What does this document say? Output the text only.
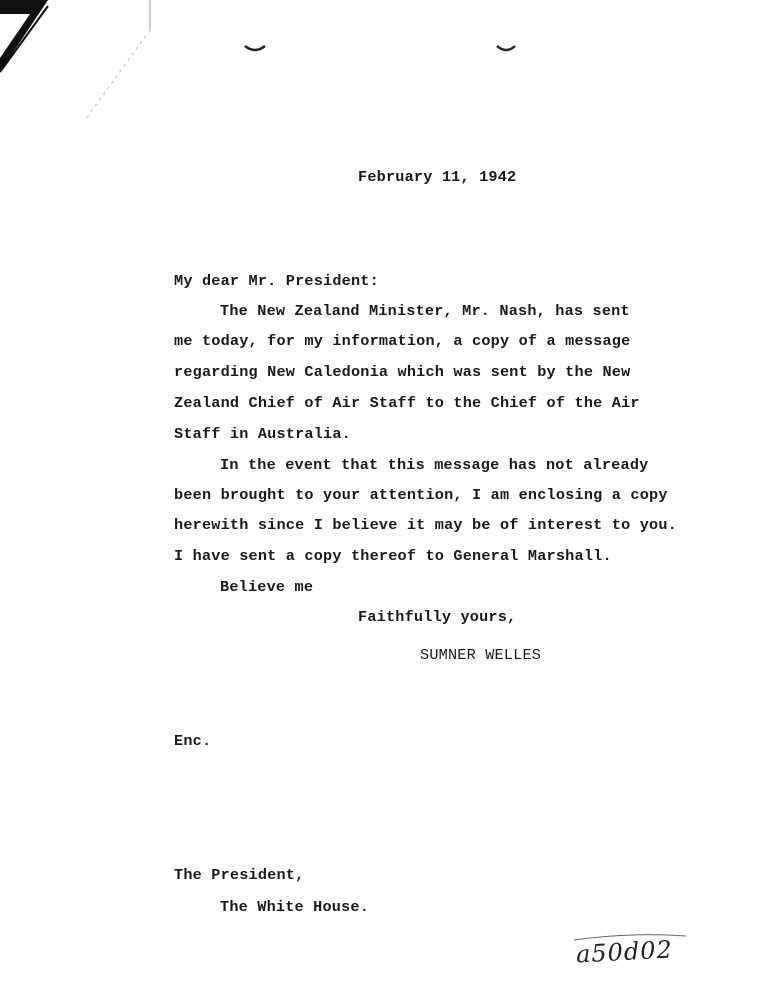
February 11, 1942
My dear Mr. President:
The New Zealand Minister, Mr. Nash, has sent
me today, for my information, a copy of a message
regarding New Caledonia which was sent by the New
Zealand Chief of Air Staff to the Chief of the Air
Staff in Australia.
In the event that this message has not already
been brought to your attention, I am enclosing a copy
herewith since I believe it may be of interest to you.
I have sent a copy thereof to General Marshall.
Believe me
Faithfully yours,
SUMNER WELLES
Enc.
The President,
The White House.
a50d02
